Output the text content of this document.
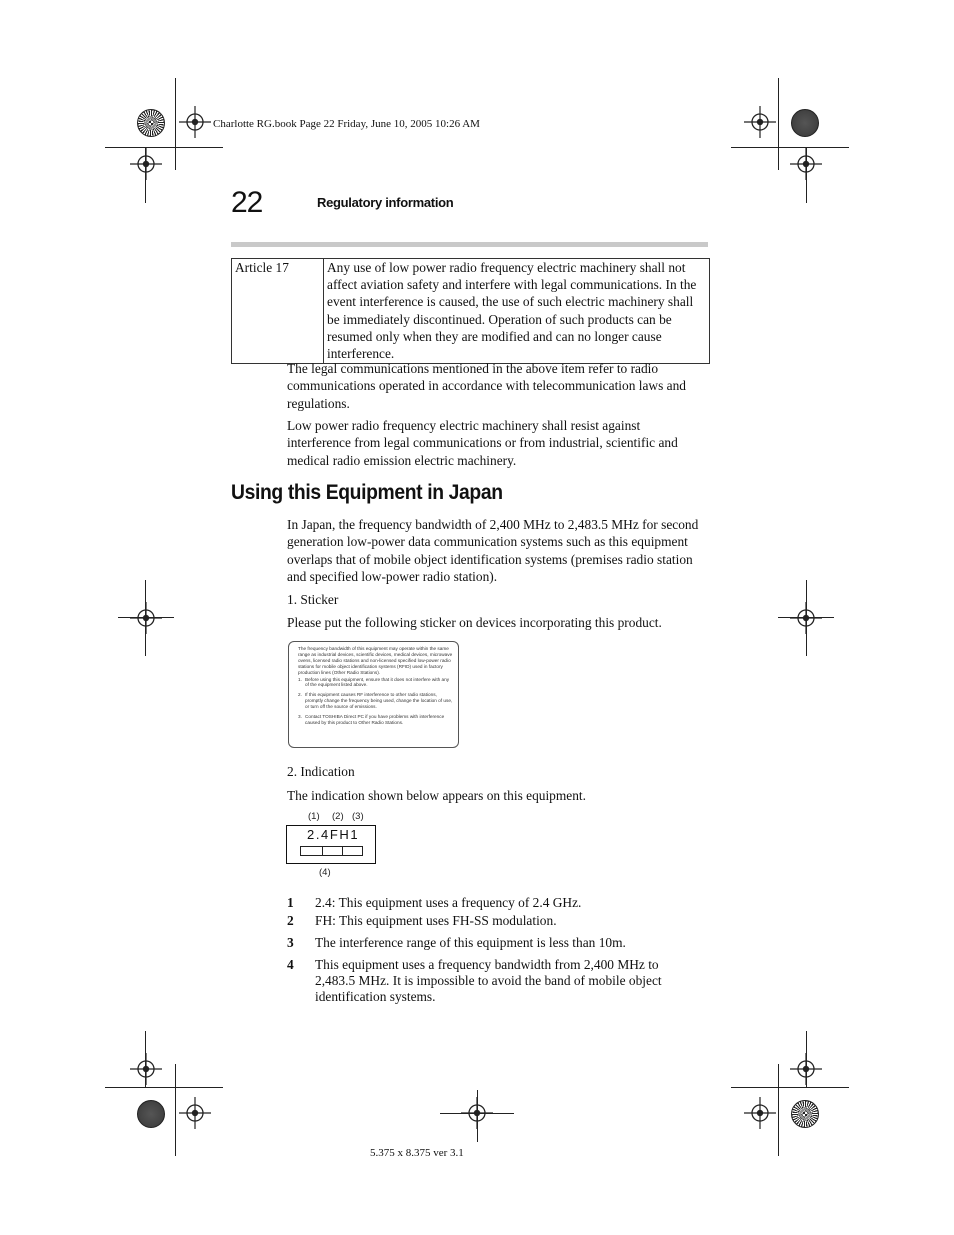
Charlotte RG.book Page 22 Friday, June 10, 2005 10:26 AM
22	Regulatory information
Article 17	Any use of low power radio frequency electric machinery shall not affect aviation safety and interfere with legal communications. In the event interference is caused, the use of such electric machinery shall be immediately discontinued. Operation of such products can be resumed only when they are modified and can no longer cause interference.
The legal communications mentioned in the above item refer to radio communications operated in accordance with telecommunication laws and regulations.
Low power radio frequency electric machinery shall resist against interference from legal communications or from industrial, scientific and medical radio emission electric machinery.
Using this Equipment in Japan
In Japan, the frequency bandwidth of 2,400 MHz to 2,483.5 MHz for second generation low-power data communication systems such as this equipment overlaps that of mobile object identification systems (premises radio station and specified low-power radio station).
1. Sticker
Please put the following sticker on devices incorporating this product.
The frequency bandwidth of this equipment may operate within the same range as industrial devices, scientific devices, medical devices, microwave ovens, licensed radio stations and non-licensed specified low-power radio stations for mobile object identification systems (RFID) used in factory production lines (Other Radio Stations).
1. Before using this equipment, ensure that it does not interfere with any of the equipment listed above.
2. If this equipment causes RF interference to other radio stations, promptly change the frequency being used, change the location of use, or turn off the source of emissions.
3. Contact TOSHIBA Direct PC if you have problems with interference caused by this product to Other Radio Stations.
2. Indication
The indication shown below appears on this equipment.
(1) (2) (3)
2.4FH1
(4)
1 2.4: This equipment uses a frequency of 2.4 GHz.
2 FH: This equipment uses FH-SS modulation.
3 The interference range of this equipment is less than 10m.
4 This equipment uses a frequency bandwidth from 2,400 MHz to 2,483.5 MHz. It is impossible to avoid the band of mobile object identification systems.
5.375 x 8.375 ver 3.1
